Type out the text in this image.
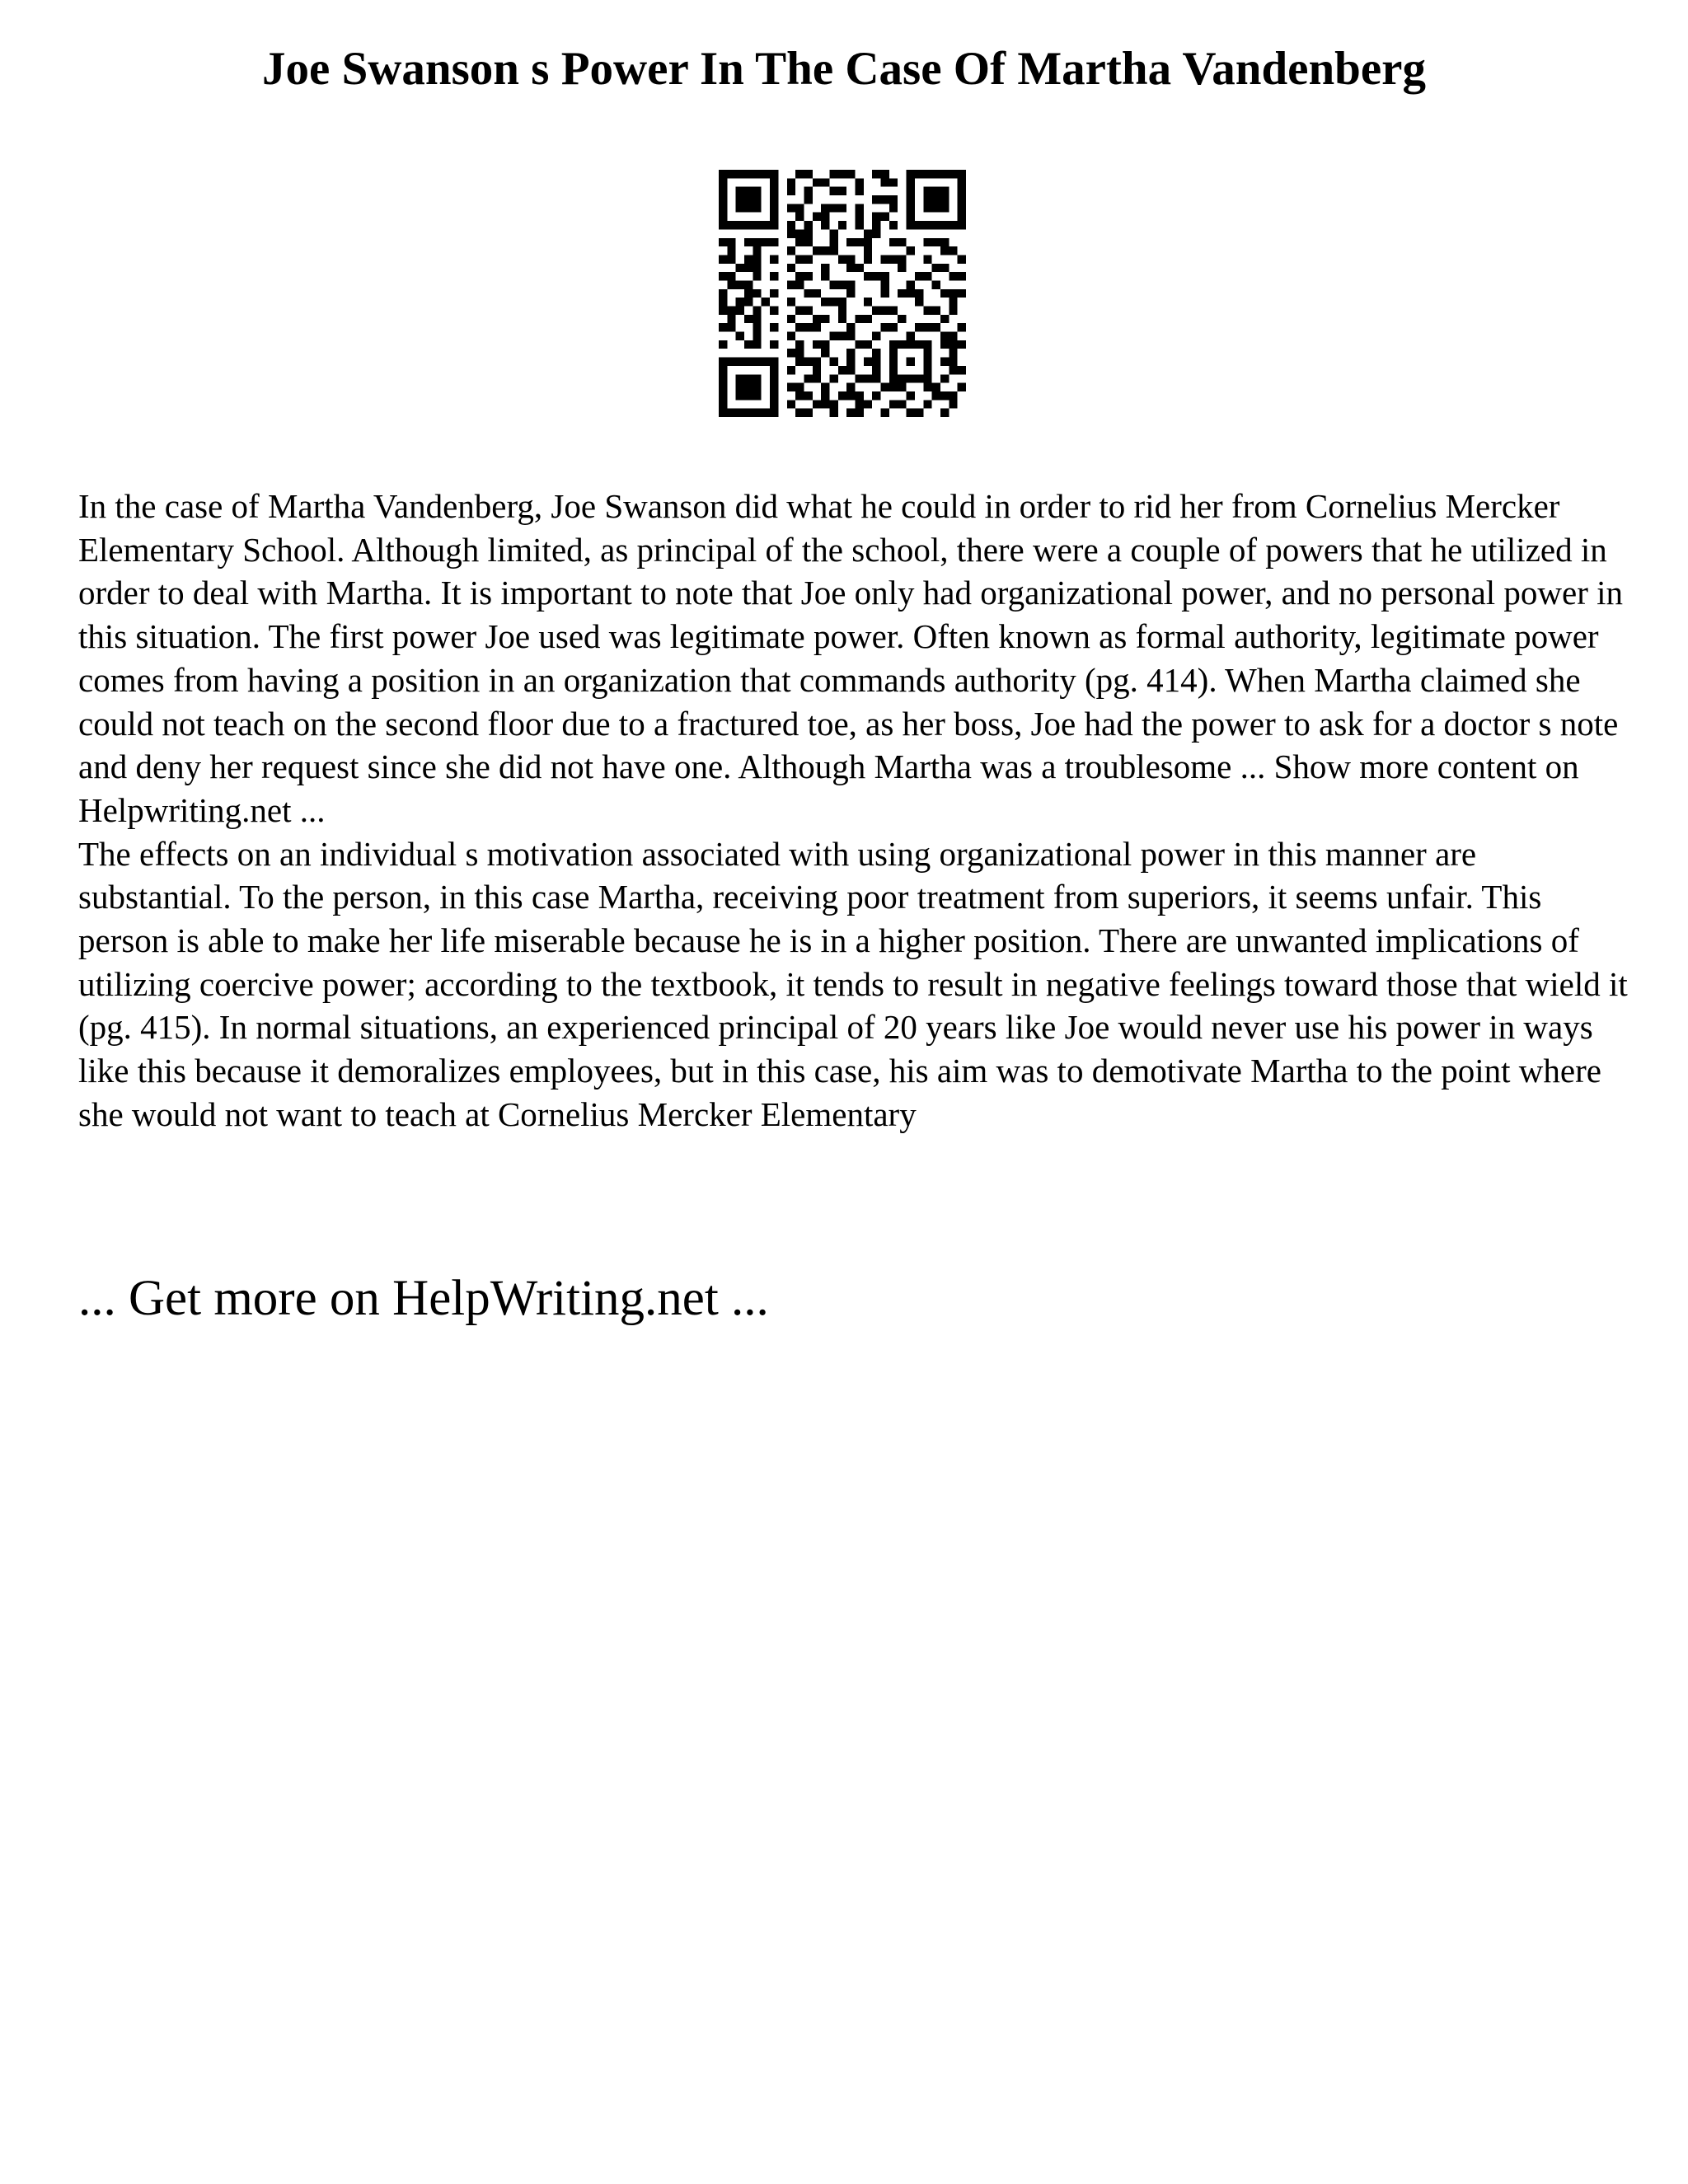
Joe Swanson s Power In The Case Of Martha Vandenberg

In the case of Martha Vandenberg, Joe Swanson did what he could in order to rid her from Cornelius Mercker Elementary School. Although limited, as principal of the school, there were a couple of powers that he utilized in order to deal with Martha. It is important to note that Joe only had organizational power, and no personal power in this situation. The first power Joe used was legitimate power. Often known as formal authority, legitimate power comes from having a position in an organization that commands authority (pg. 414). When Martha claimed she could not teach on the second floor due to a fractured toe, as her boss, Joe had the power to ask for a doctor s note and deny her request since she did not have one. Although Martha was a troublesome ... Show more content on Helpwriting.net ...

The effects on an individual s motivation associated with using organizational power in this manner are substantial. To the person, in this case Martha, receiving poor treatment from superiors, it seems unfair. This person is able to make her life miserable because he is in a higher position. There are unwanted implications of utilizing coercive power; according to the textbook, it tends to result in negative feelings toward those that wield it (pg. 415). In normal situations, an experienced principal of 20 years like Joe would never use his power in ways like this because it demoralizes employees, but in this case, his aim was to demotivate Martha to the point where she would not want to teach at Cornelius Mercker Elementary

... Get more on HelpWriting.net ...
